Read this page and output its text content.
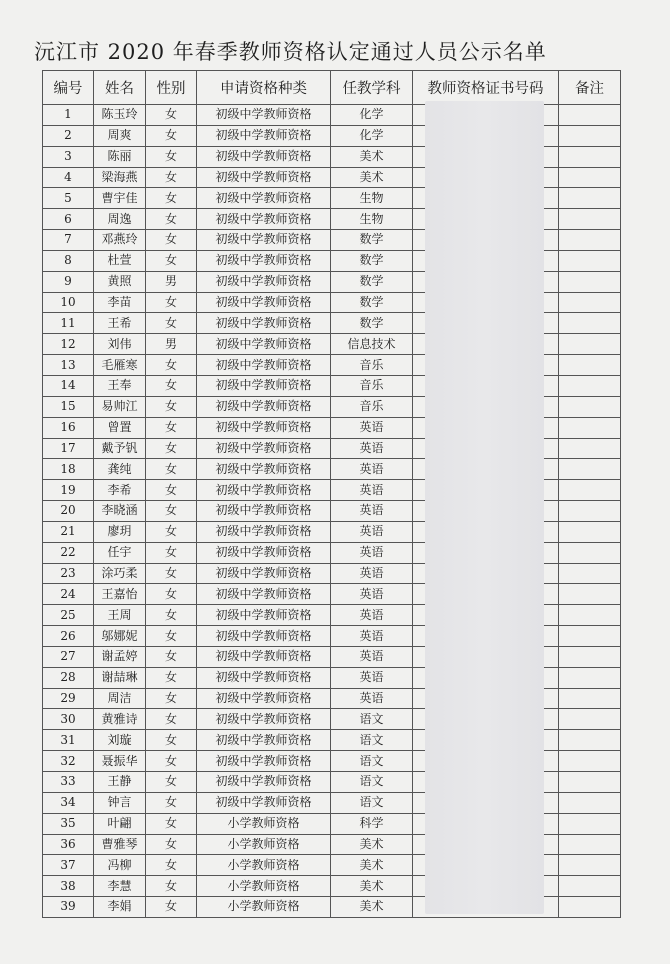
沅江市 2020 年春季教师资格认定通过人员公示名单
编号	姓名	性别	申请资格种类	任教学科	教师资格证书号码	备注
1	陈玉玲	女	初级中学教师资格	化学		
2	周爽	女	初级中学教师资格	化学		
3	陈丽	女	初级中学教师资格	美术		
4	梁海燕	女	初级中学教师资格	美术		
5	曹宇佳	女	初级中学教师资格	生物		
6	周逸	女	初级中学教师资格	生物		
7	邓燕玲	女	初级中学教师资格	数学		
8	杜萱	女	初级中学教师资格	数学		
9	黄照	男	初级中学教师资格	数学		
10	李苗	女	初级中学教师资格	数学		
11	王希	女	初级中学教师资格	数学		
12	刘伟	男	初级中学教师资格	信息技术		
13	毛雁寒	女	初级中学教师资格	音乐		
14	王奉	女	初级中学教师资格	音乐		
15	易帅江	女	初级中学教师资格	音乐		
16	曾置	女	初级中学教师资格	英语		
17	戴予钒	女	初级中学教师资格	英语		
18	龚纯	女	初级中学教师资格	英语		
19	李希	女	初级中学教师资格	英语		
20	李晓涵	女	初级中学教师资格	英语		
21	廖玥	女	初级中学教师资格	英语		
22	任宇	女	初级中学教师资格	英语		
23	涂巧柔	女	初级中学教师资格	英语		
24	王嘉怡	女	初级中学教师资格	英语		
25	王周	女	初级中学教师资格	英语		
26	邬娜妮	女	初级中学教师资格	英语		
27	谢孟婷	女	初级中学教师资格	英语		
28	谢喆琳	女	初级中学教师资格	英语		
29	周洁	女	初级中学教师资格	英语		
30	黄雅诗	女	初级中学教师资格	语文		
31	刘璇	女	初级中学教师资格	语文		
32	聂振华	女	初级中学教师资格	语文		
33	王静	女	初级中学教师资格	语文		
34	钟言	女	初级中学教师资格	语文		
35	叶翩	女	小学教师资格	科学		
36	曹雅琴	女	小学教师资格	美术		
37	冯柳	女	小学教师资格	美术		
38	李慧	女	小学教师资格	美术		
39	李娟	女	小学教师资格	美术		
